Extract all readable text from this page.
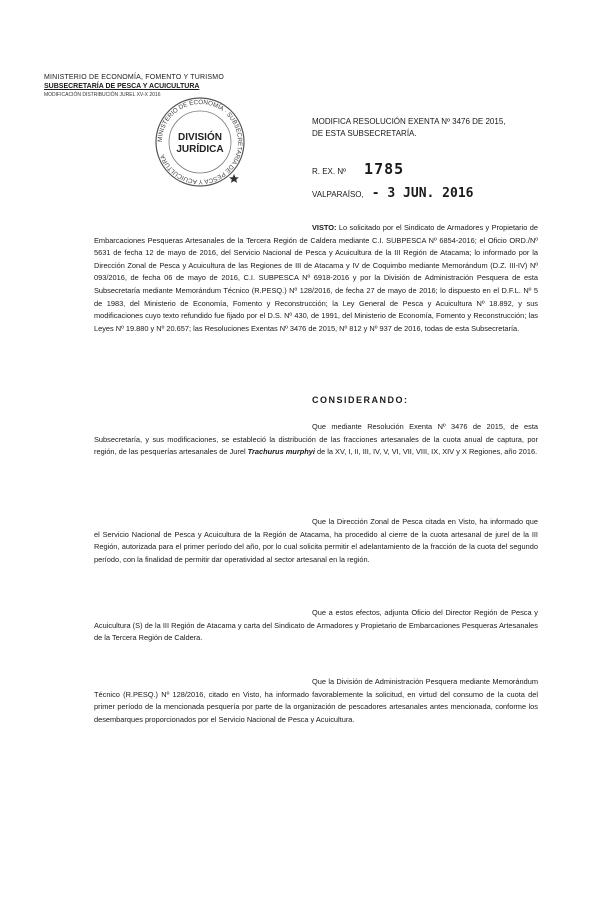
MINISTERIO DE ECONOMÍA, FOMENTO Y TURISMO
SUBSECRETARÍA DE PESCA Y ACUICULTURA
MODIFICACIÓN DISTRIBUCIÓN JUREL XV-X 2016
MINISTERIO DE ECONOMÍA · SUBSECRETARÍA DE PESCA Y ACUICULTURA
DIVISIÓN
JURÍDICA
MODIFICA RESOLUCIÓN EXENTA Nº 3476 DE 2015,
DE ESTA SUBSECRETARÍA.
R. EX. Nº 1785
VALPARAÍSO, - 3 JUN. 2016
VISTO: Lo solicitado por el Sindicato de Armadores y Propietario de Embarcaciones Pesqueras Artesanales de la Tercera Región de Caldera mediante C.I. SUBPESCA Nº 6854-2016; el Oficio ORD./Nº 5631 de fecha 12 de mayo de 2016, del Servicio Nacional de Pesca y Acuicultura de la III Región de Atacama; lo informado por la Dirección Zonal de Pesca y Acuicultura de las Regiones de III de Atacama y IV de Coquimbo mediante Memorándum (D.Z. III-IV) Nº 093/2016, de fecha 06 de mayo de 2016, C.I. SUBPESCA Nº 6918-2016 y por la División de Administración Pesquera de esta Subsecretaría mediante Memorándum Técnico (R.PESQ.) Nº 128/2016, de fecha 27 de mayo de 2016; lo dispuesto en el D.F.L. Nº 5 de 1983, del Ministerio de Economía, Fomento y Reconstrucción; la Ley General de Pesca y Acuicultura Nº 18.892, y sus modificaciones cuyo texto refundido fue fijado por el D.S. Nº 430, de 1991, del Ministerio de Economía, Fomento y Reconstrucción; las Leyes Nº 19.880 y Nº 20.657; las Resoluciones Exentas Nº 3476 de 2015, Nº 812 y Nº 937 de 2016, todas de esta Subsecretaría.
CONSIDERANDO:
Que mediante Resolución Exenta Nº 3476 de 2015, de esta Subsecretaría, y sus modificaciones, se estableció la distribución de las fracciones artesanales de la cuota anual de captura, por región, de las pesquerías artesanales de Jurel Trachurus murphyi de la XV, I, II, III, IV, V, VI, VII, VIII, IX, XIV y X Regiones, año 2016.
Que la Dirección Zonal de Pesca citada en Visto, ha informado que el Servicio Nacional de Pesca y Acuicultura de la Región de Atacama, ha procedido al cierre de la cuota artesanal de jurel de la III Región, autorizada para el primer período del año, por lo cual solicita permitir el adelantamiento de la fracción de la cuota del segundo período, con la finalidad de permitir dar operatividad al sector artesanal en la región.
Que a estos efectos, adjunta Oficio del Director Región de Pesca y Acuicultura (S) de la III Región de Atacama y carta del Sindicato de Armadores y Propietario de Embarcaciones Pesqueras Artesanales de la Tercera Región de Caldera.
Que la División de Administración Pesquera mediante Memorándum Técnico (R.PESQ.) Nº 128/2016, citado en Visto, ha informado favorablemente la solicitud, en virtud del consumo de la cuota del primer período de la mencionada pesquería por parte de la organización de pescadores artesanales antes mencionada, conforme los desembarques proporcionados por el Servicio Nacional de Pesca y Acuicultura.
